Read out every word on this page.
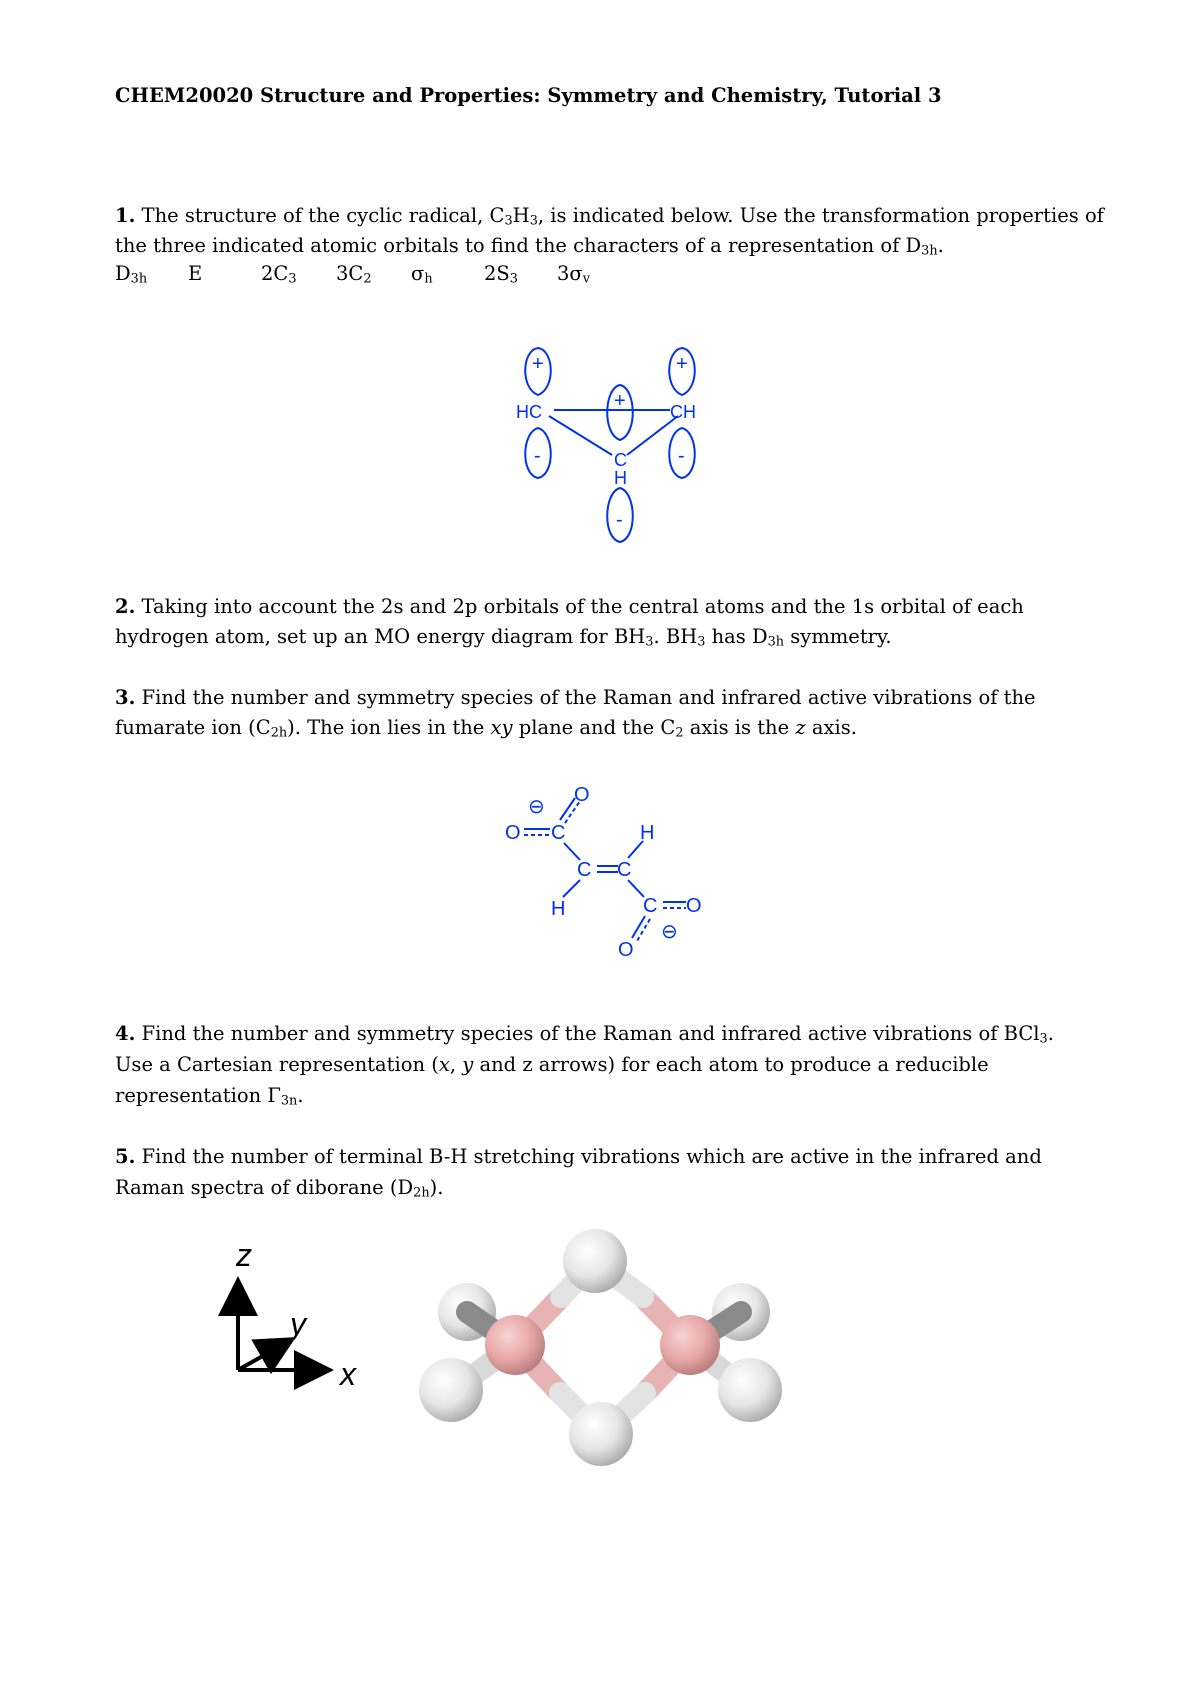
CHEM20020 Structure and Properties: Symmetry and Chemistry, Tutorial 3
1. The structure of the cyclic radical, $C_3H_3$, is indicated below. Use the transformation properties of
the three indicated atomic orbitals to find the characters of a representation of $D_{3h}$.
$D_{3h}$ E	$2C_3$ $3C_2$ $\sigma_h$	$2S_3$ $3\sigma_v$
HC	CH
C
H
+	+
+
-	-
-
2. Taking into account the 2s and 2p orbitals of the central atoms and the 1s orbital of each
hydrogen atom, set up an MO energy diagram for $BH_3$. $BH_3$ has $D_{3h}$ symmetry.
3. Find the number and symmetry species of the Raman and infrared active vibrations of the
fumarate ion $(C_{2h})$. The ion lies in the xy plane and the $C_2$ axis is the z axis.
O C
O
⊖
H
C C
H	C O
O
⊖
4. Find the number and symmetry species of the Raman and infrared active vibrations of BCl$_3$.
Use a Cartesian representation (x, y and z arrows) for each atom to produce a reducible
representation $\Gamma_{3n}$.
5. Find the number of terminal B-H stretching vibrations which are active in the infrared and
Raman spectra of diborane $(D_{2h})$.
z
y
x
